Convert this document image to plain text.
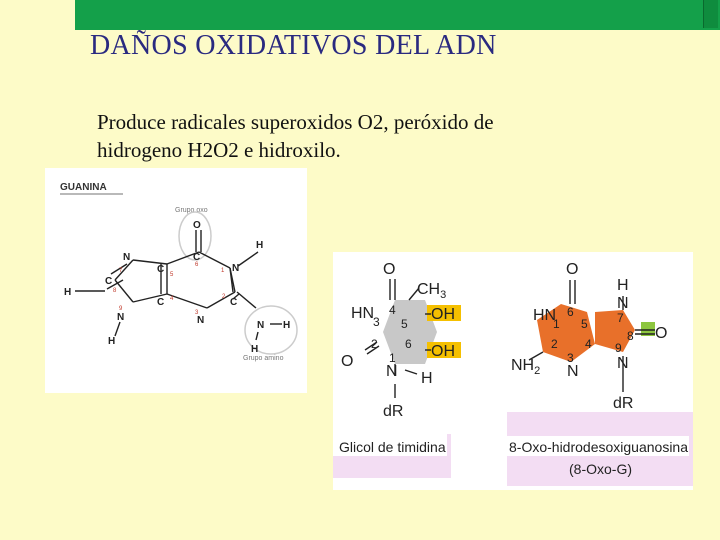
DAÑOS OXIDATIVOS DEL ADN
Produce radicales superoxidos O2, peróxido de hidrogeno H2O2 e hidroxilo.
GUANINA
Grupo oxo
Grupo amino
O
N
H
C
N
C
C
C
N
C
H
N
H
N H
H
6
1
2
3
4
5
7
8
9
O
$CH_3$
HN	OH
OH
O
N H
dR
3
4
5
6
2
1
O
H
N
HN
O
$NH_2$ N N
dR
6
5
4
3
2
1	7
8
9
Glicol de timidina	8-Oxo-hidrodesoxiguanosina
(8-Oxo-G)
